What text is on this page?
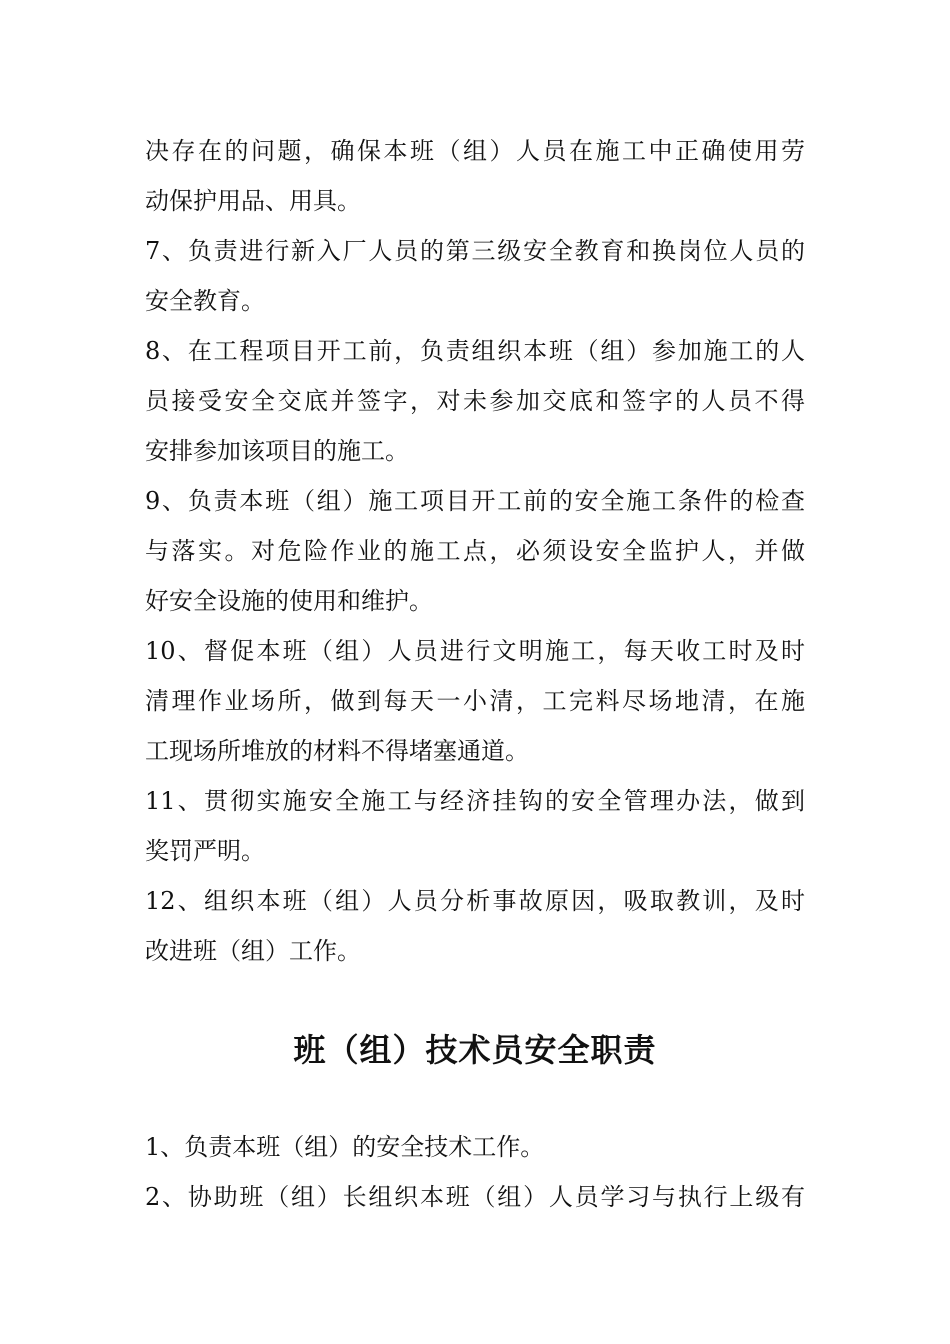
决存在的问题，确保本班（组）人员在施工中正确使用劳
动保护用品、用具。
7、负责进行新入厂人员的第三级安全教育和换岗位人员的
安全教育。
8、在工程项目开工前，负责组织本班（组）参加施工的人
员接受安全交底并签字，对未参加交底和签字的人员不得
安排参加该项目的施工。
9、负责本班（组）施工项目开工前的安全施工条件的检查
与落实。对危险作业的施工点，必须设安全监护人，并做
好安全设施的使用和维护。
10、督促本班（组）人员进行文明施工，每天收工时及时
清理作业场所，做到每天一小清，工完料尽场地清，在施
工现场所堆放的材料不得堵塞通道。
11、贯彻实施安全施工与经济挂钩的安全管理办法，做到
奖罚严明。
12、组织本班（组）人员分析事故原因，吸取教训，及时
改进班（组）工作。
班（组）技术员安全职责
1、负责本班（组）的安全技术工作。
2、协助班（组）长组织本班（组）人员学习与执行上级有
